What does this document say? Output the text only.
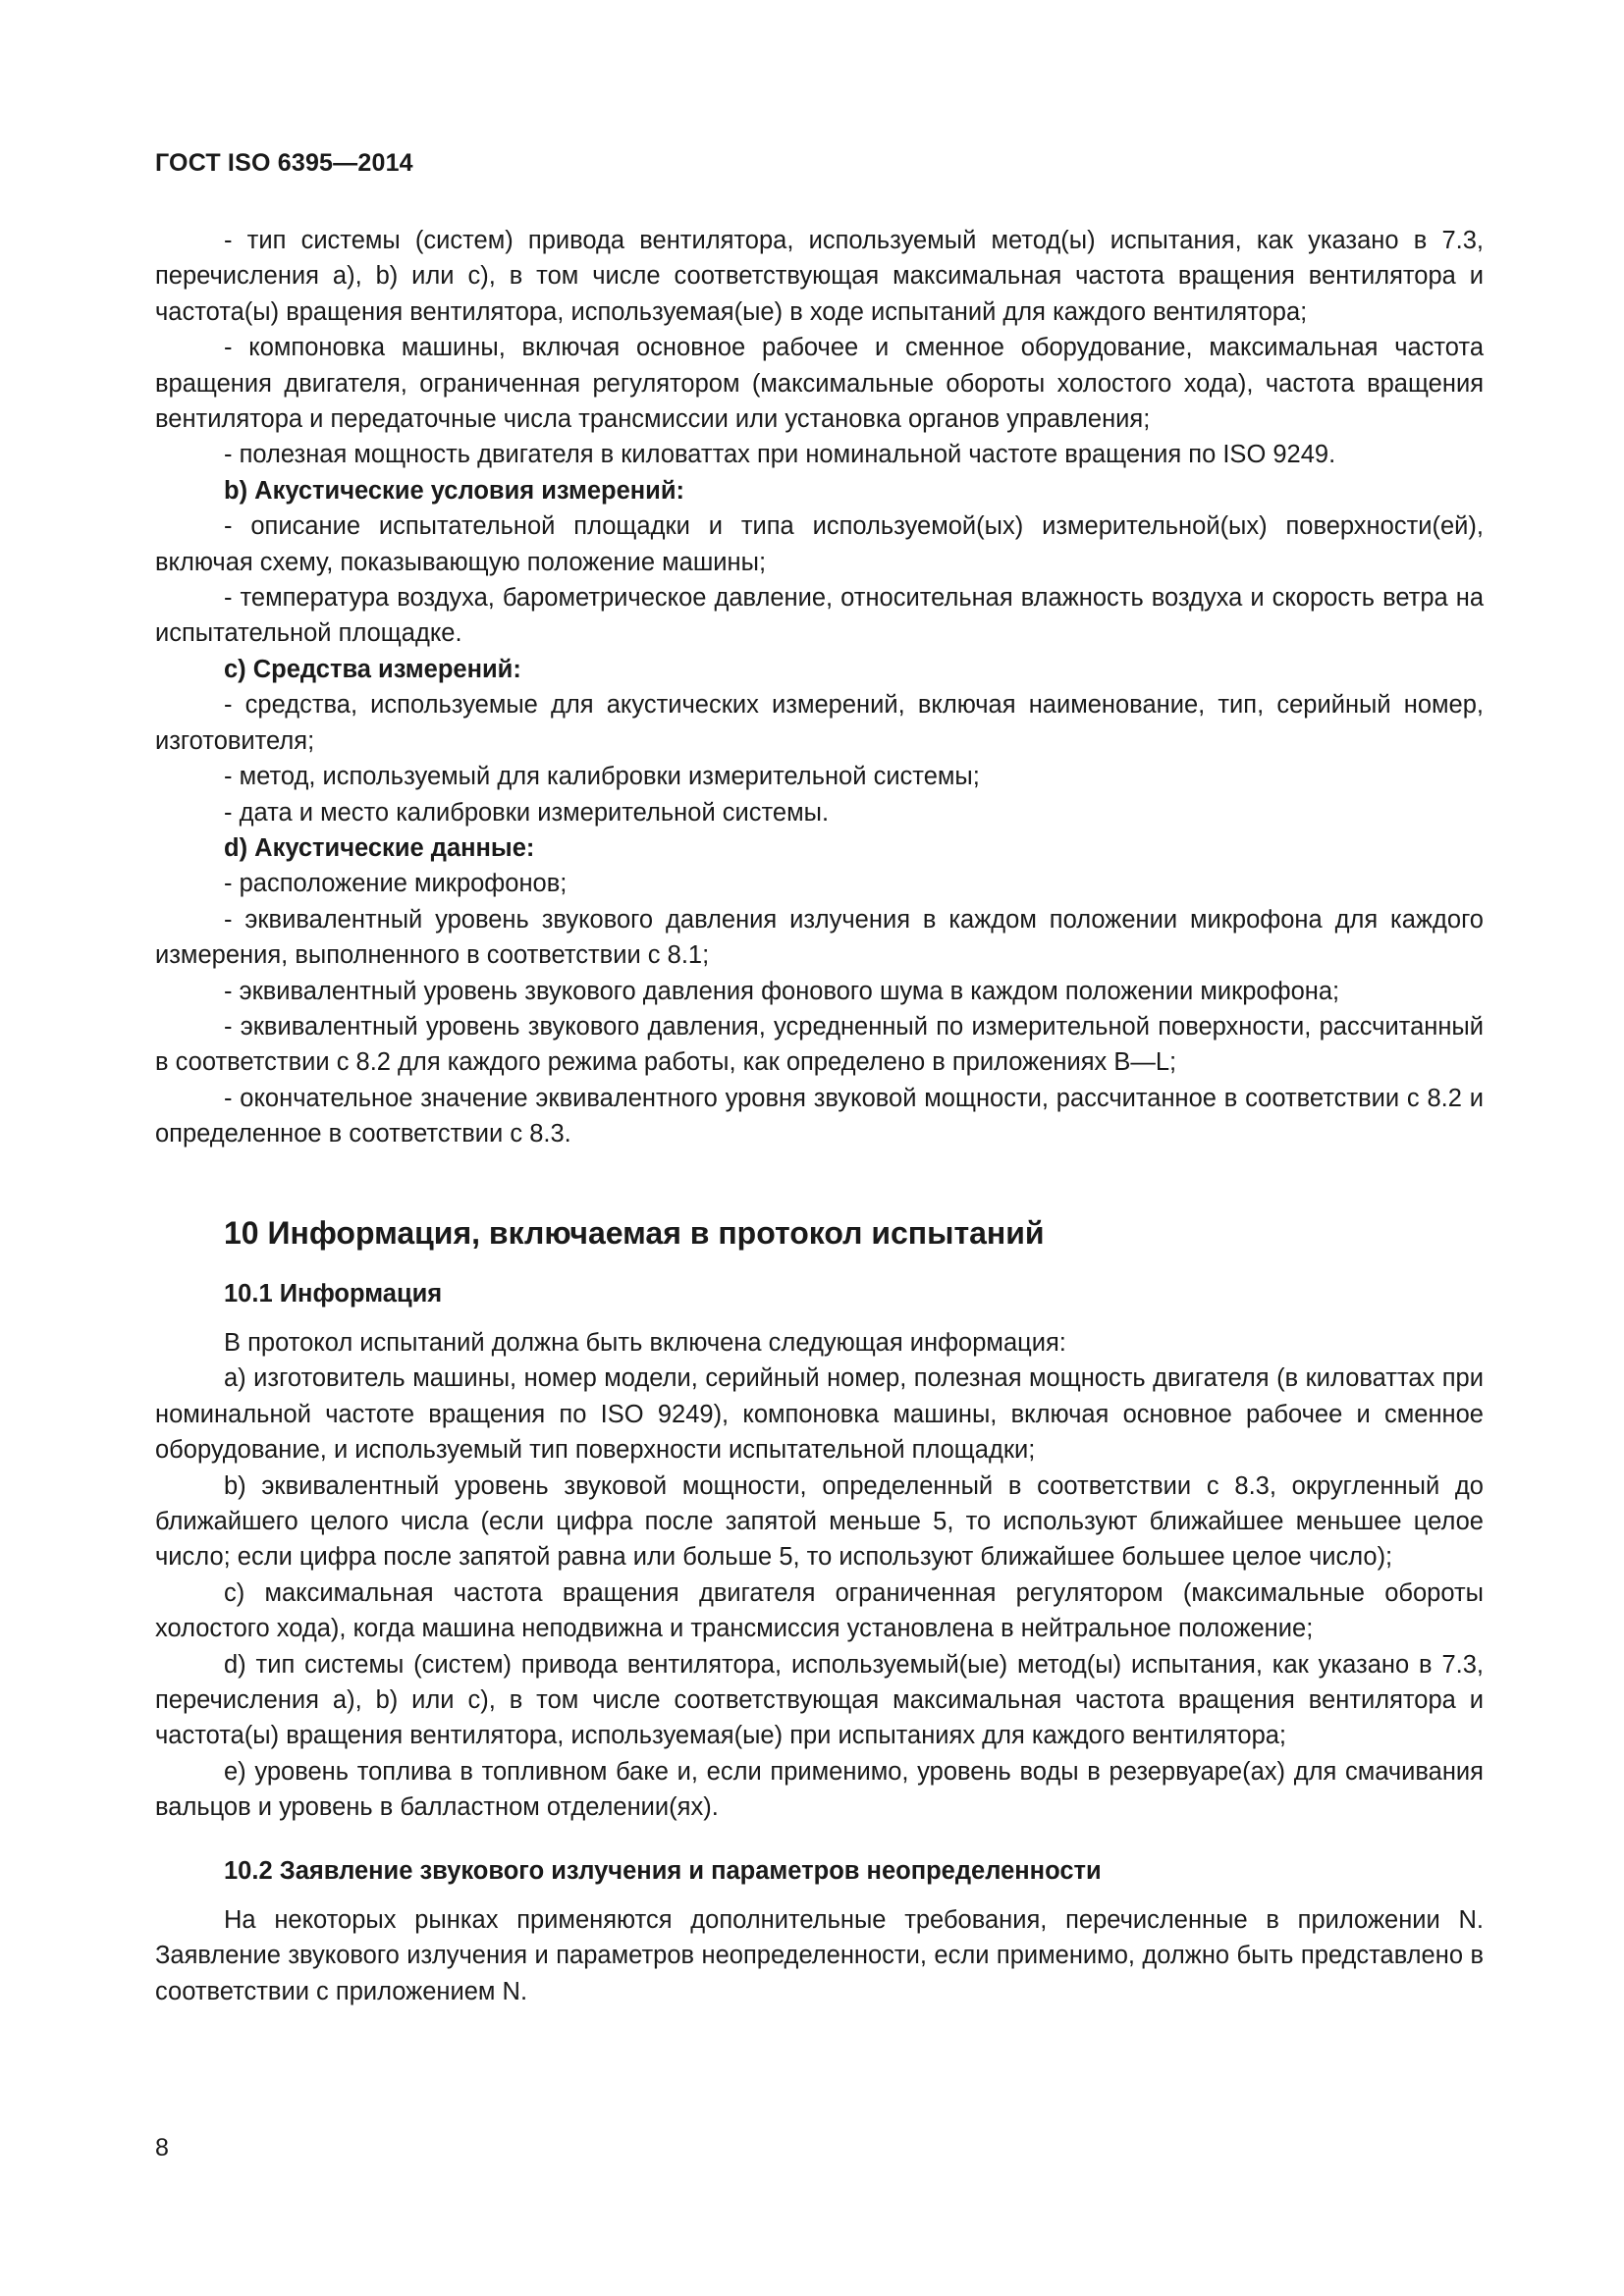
ГОСТ ISO 6395—2014

- тип системы (систем) привода вентилятора, используемый метод(ы) испытания, как указано в 7.3, перечисления а), b) или с), в том числе соответствующая максимальная частота вращения вентилятора и частота(ы) вращения вентилятора, используемая(ые) в ходе испытаний для каждого вентилятора;

- компоновка машины, включая основное рабочее и сменное оборудование, максимальная частота вращения двигателя, ограниченная регулятором (максимальные обороты холостого хода), частота вращения вентилятора и передаточные числа трансмиссии или установка органов управления;

- полезная мощность двигателя в киловаттах при номинальной частоте вращения по ISO 9249.

b) Акустические условия измерений:

- описание испытательной площадки и типа используемой(ых) измерительной(ых) поверхности(ей), включая схему, показывающую положение машины;

- температура воздуха, барометрическое давление, относительная влажность воздуха и скорость ветра на испытательной площадке.

с) Средства измерений:

- средства, используемые для акустических измерений, включая наименование, тип, серийный номер, изготовителя;

- метод, используемый для калибровки измерительной системы;

- дата и место калибровки измерительной системы.

d) Акустические данные:

- расположение микрофонов;

- эквивалентный уровень звукового давления излучения в каждом положении микрофона для каждого измерения, выполненного в соответствии с 8.1;

- эквивалентный уровень звукового давления фонового шума в каждом положении микрофона;

- эквивалентный уровень звукового давления, усредненный по измерительной поверхности, рассчитанный в соответствии с 8.2 для каждого режима работы, как определено в приложениях B—L;

- окончательное значение эквивалентного уровня звуковой мощности, рассчитанное в соответствии с 8.2 и определенное в соответствии с 8.3.

10 Информация, включаемая в протокол испытаний
10.1 Информация

В протокол испытаний должна быть включена следующая информация:

а) изготовитель машины, номер модели, серийный номер, полезная мощность двигателя (в киловаттах при номинальной частоте вращения по ISO 9249), компоновка машины, включая основное рабочее и сменное оборудование, и используемый тип поверхности испытательной площадки;

b) эквивалентный уровень звуковой мощности, определенный в соответствии с 8.3, округленный до ближайшего целого числа (если цифра после запятой меньше 5, то используют ближайшее меньшее целое число; если цифра после запятой равна или больше 5, то используют ближайшее большее целое число);

с) максимальная частота вращения двигателя ограниченная регулятором (максимальные обороты холостого хода), когда машина неподвижна и трансмиссия установлена в нейтральное положение;

d) тип системы (систем) привода вентилятора, используемый(ые) метод(ы) испытания, как указано в 7.3, перечисления а), b) или с), в том числе соответствующая максимальная частота вращения вентилятора и частота(ы) вращения вентилятора, используемая(ые) при испытаниях для каждого вентилятора;

е) уровень топлива в топливном баке и, если применимо, уровень воды в резервуаре(ах) для смачивания вальцов и уровень в балластном отделении(ях).

10.2 Заявление звукового излучения и параметров неопределенности

На некоторых рынках применяются дополнительные требования, перечисленные в приложении N. Заявление звукового излучения и параметров неопределенности, если применимо, должно быть представлено в соответствии с приложением N.

8
